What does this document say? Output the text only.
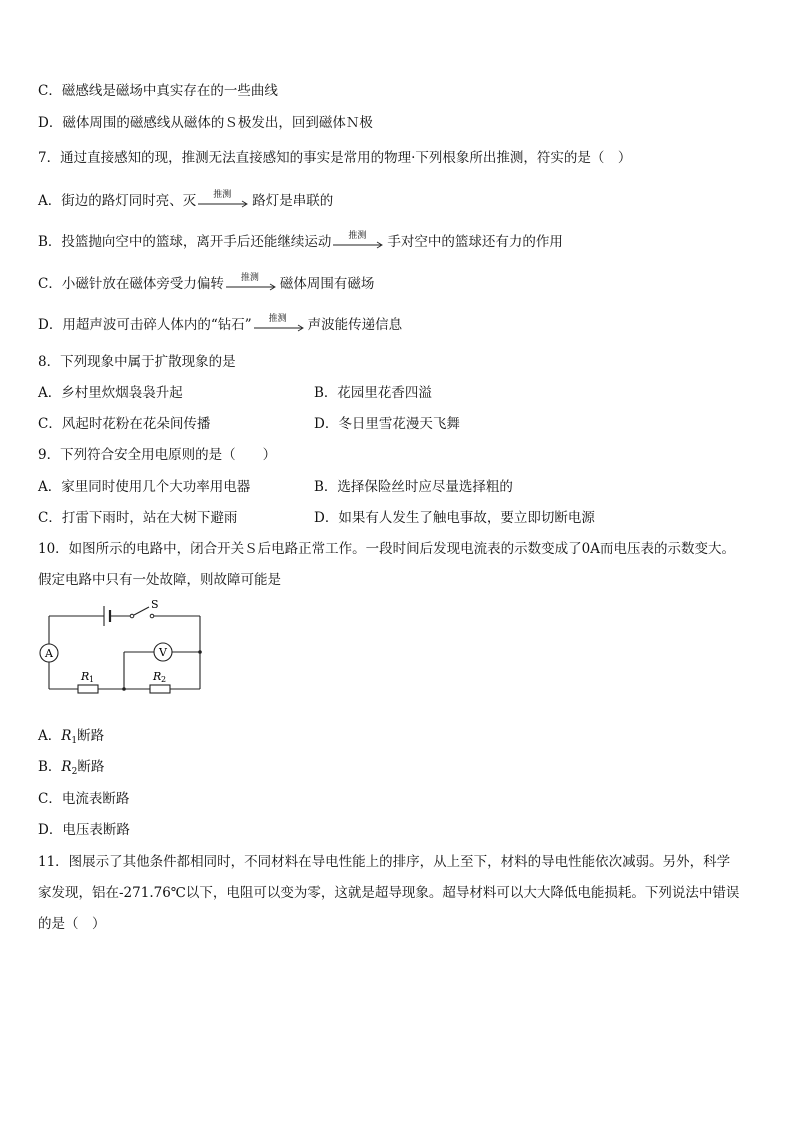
C．磁感线是磁场中真实存在的一些曲线
D．磁体周围的磁感线从磁体的Ｓ极发出，回到磁体Ｎ极
7．通过直接感知的现，推测无法直接感知的事实是常用的物理·下列根象所出推测，符实的是（　）
A．街边的路灯同时亮、灭	推测	路灯是串联的
B．投篮抛向空中的篮球，离开手后还能继续运动	推测	手对空中的篮球还有力的作用
C．小磁针放在磁体旁受力偏转	推测	磁体周围有磁场
D．用超声波可击碎人体内的“钻石”	推测	声波能传递信息
8．下列现象中属于扩散现象的是
A．乡村里炊烟袅袅升起	B．花园里花香四溢
C．风起时花粉在花朵间传播	D．冬日里雪花漫天飞舞
9．下列符合安全用电原则的是（　　）
A．家里同时使用几个大功率用电器	B．选择保险丝时应尽量选择粗的
C．打雷下雨时，站在大树下避雨	D．如果有人发生了触电事故，要立即切断电源
10．如图所示的电路中，闭合开关Ｓ后电路正常工作。一段时间后发现电流表的示数变成了0A而电压表的示数变大。
假定电路中只有一处故障，则故障可能是
S
A	V
R 1	R 2
A．$R_1$断路
B．$R_2$断路
C．电流表断路
D．电压表断路
11．图展示了其他条件都相同时，不同材料在导电性能上的排序，从上至下，材料的导电性能依次减弱。另外，科学
家发现，铝在-271.76℃以下，电阻可以变为零，这就是超导现象。超导材料可以大大降低电能损耗。下列说法中错误
的是（　）
